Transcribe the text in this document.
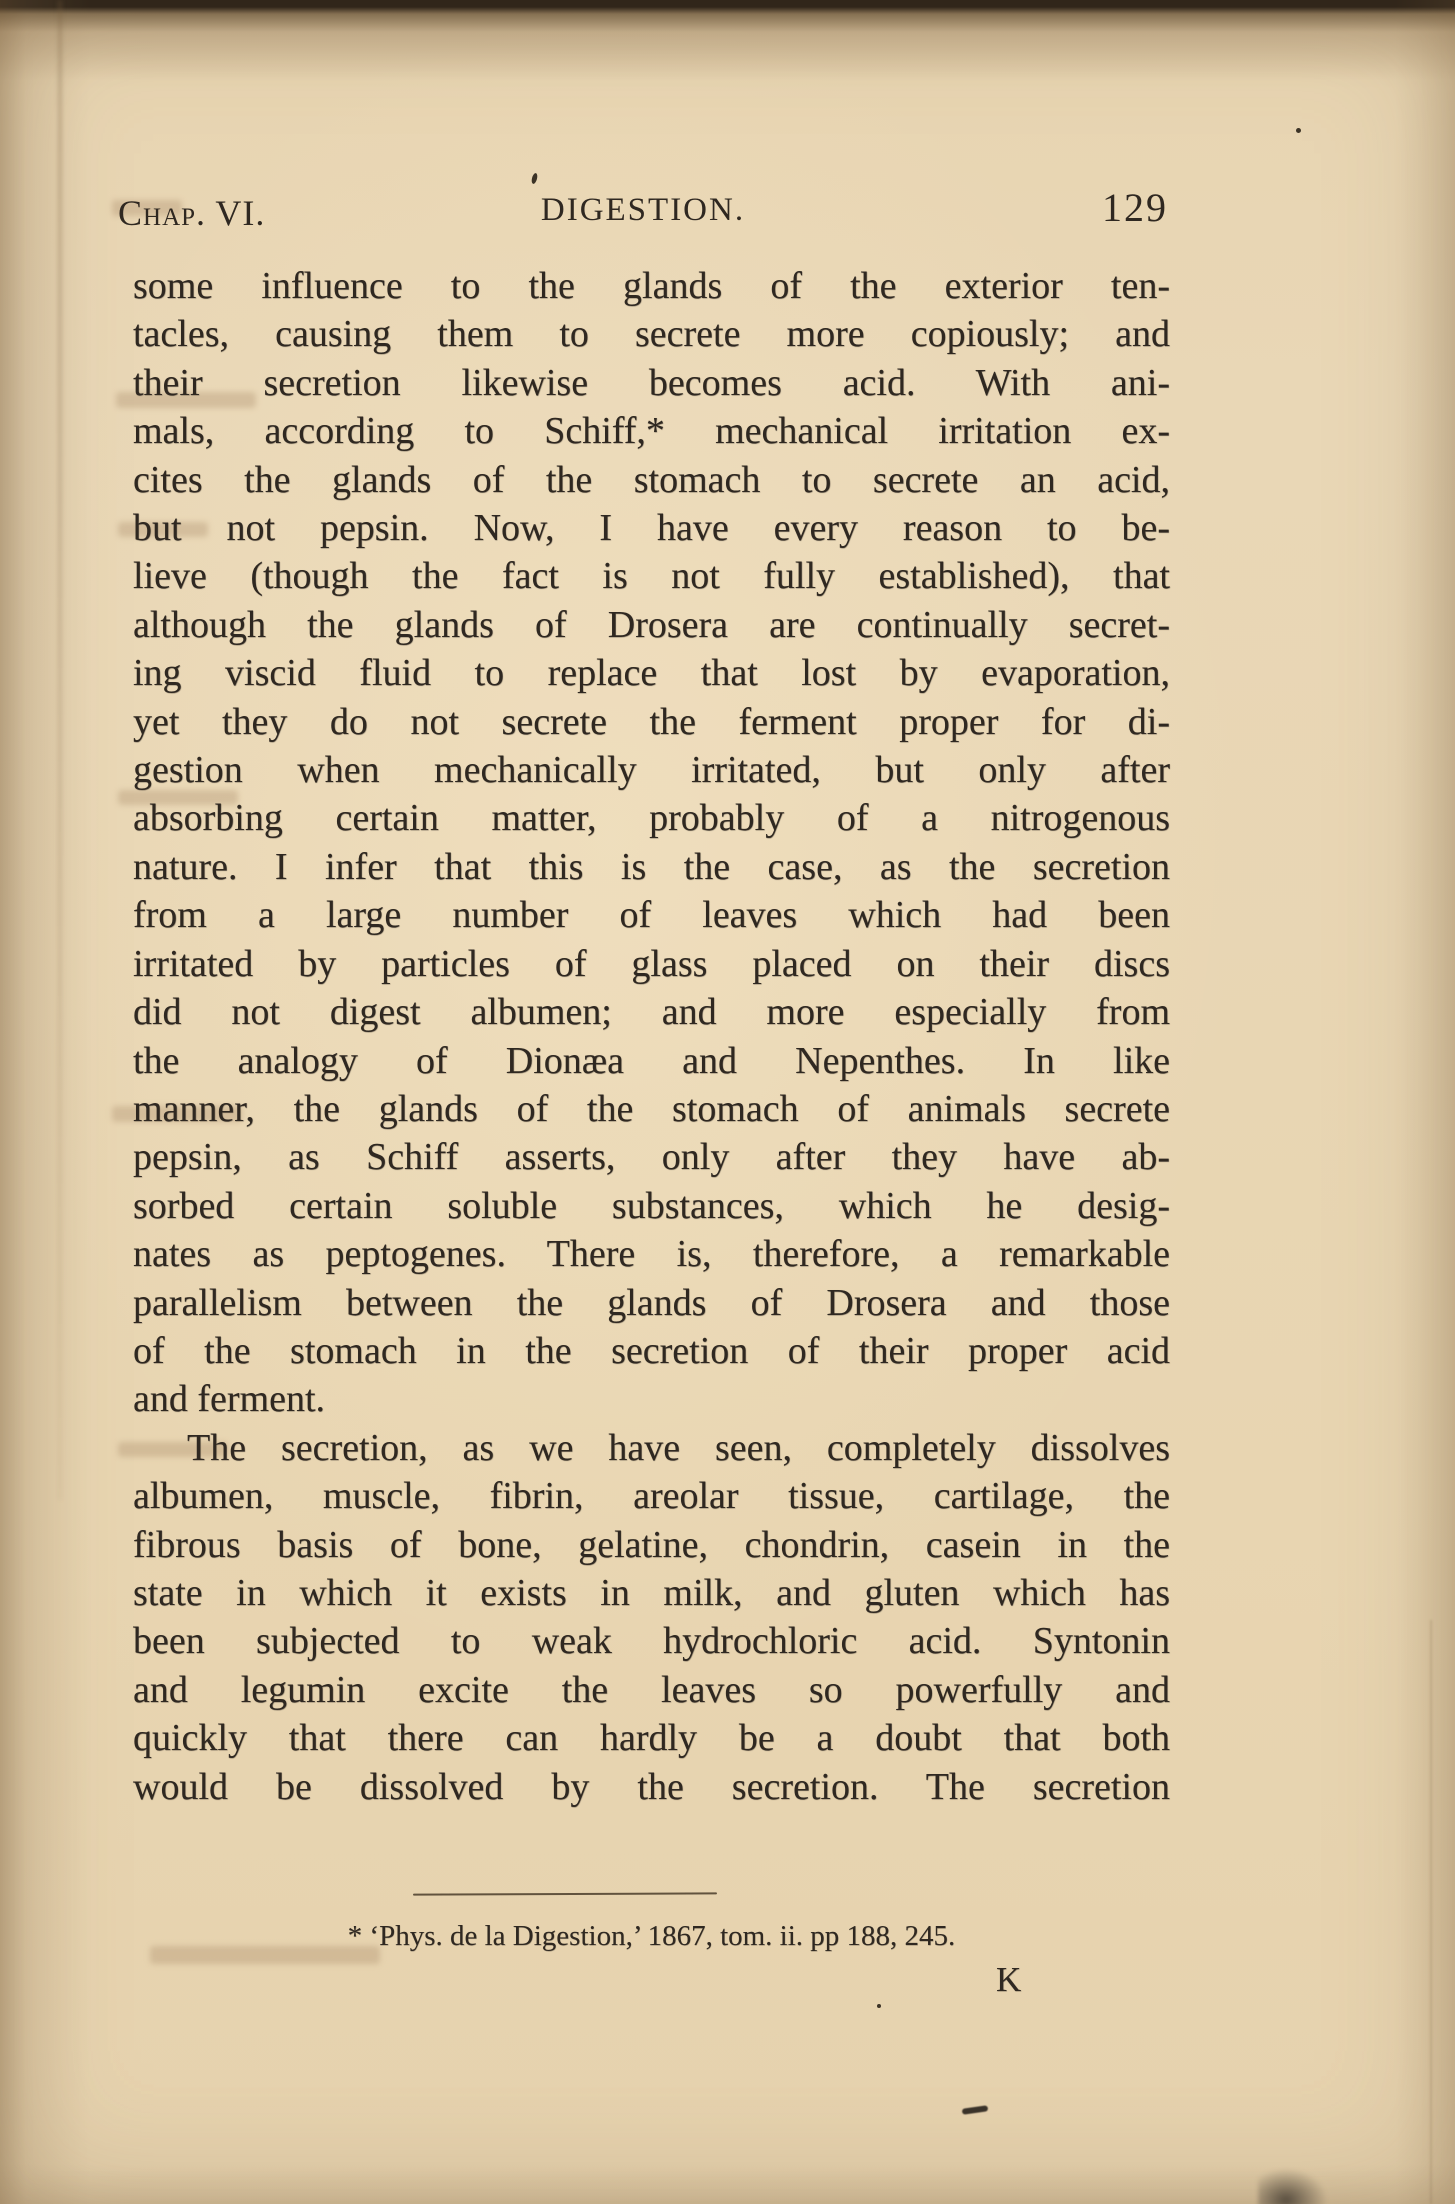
Chap. VI.	DIGESTION.	129
some influence to the glands of the exterior ten-
tacles, causing them to secrete more copiously; and
their secretion likewise becomes acid. With ani-
mals, according to Schiff,* mechanical irritation ex-
cites the glands of the stomach to secrete an acid,
but not pepsin. Now, I have every reason to be-
lieve (though the fact is not fully established), that
although the glands of Drosera are continually secret-
ing viscid fluid to replace that lost by evaporation,
yet they do not secrete the ferment proper for di-
gestion when mechanically irritated, but only after
absorbing certain matter, probably of a nitrogenous
nature. I infer that this is the case, as the secretion
from a large number of leaves which had been
irritated by particles of glass placed on their discs
did not digest albumen; and more especially from
the analogy of Dionæa and Nepenthes. In like
manner, the glands of the stomach of animals secrete
pepsin, as Schiff asserts, only after they have ab-
sorbed certain soluble substances, which he desig-
nates as peptogenes. There is, therefore, a remarkable
parallelism between the glands of Drosera and those
of the stomach in the secretion of their proper acid
and ferment.
The secretion, as we have seen, completely dissolves
albumen, muscle, fibrin, areolar tissue, cartilage, the
fibrous basis of bone, gelatine, chondrin, casein in the
state in which it exists in milk, and gluten which has
been subjected to weak hydrochloric acid. Syntonin
and legumin excite the leaves so powerfully and
quickly that there can hardly be a doubt that both
would be dissolved by the secretion. The secretion
* ‘Phys. de la Digestion,’ 1867, tom. ii. pp 188, 245.
K
